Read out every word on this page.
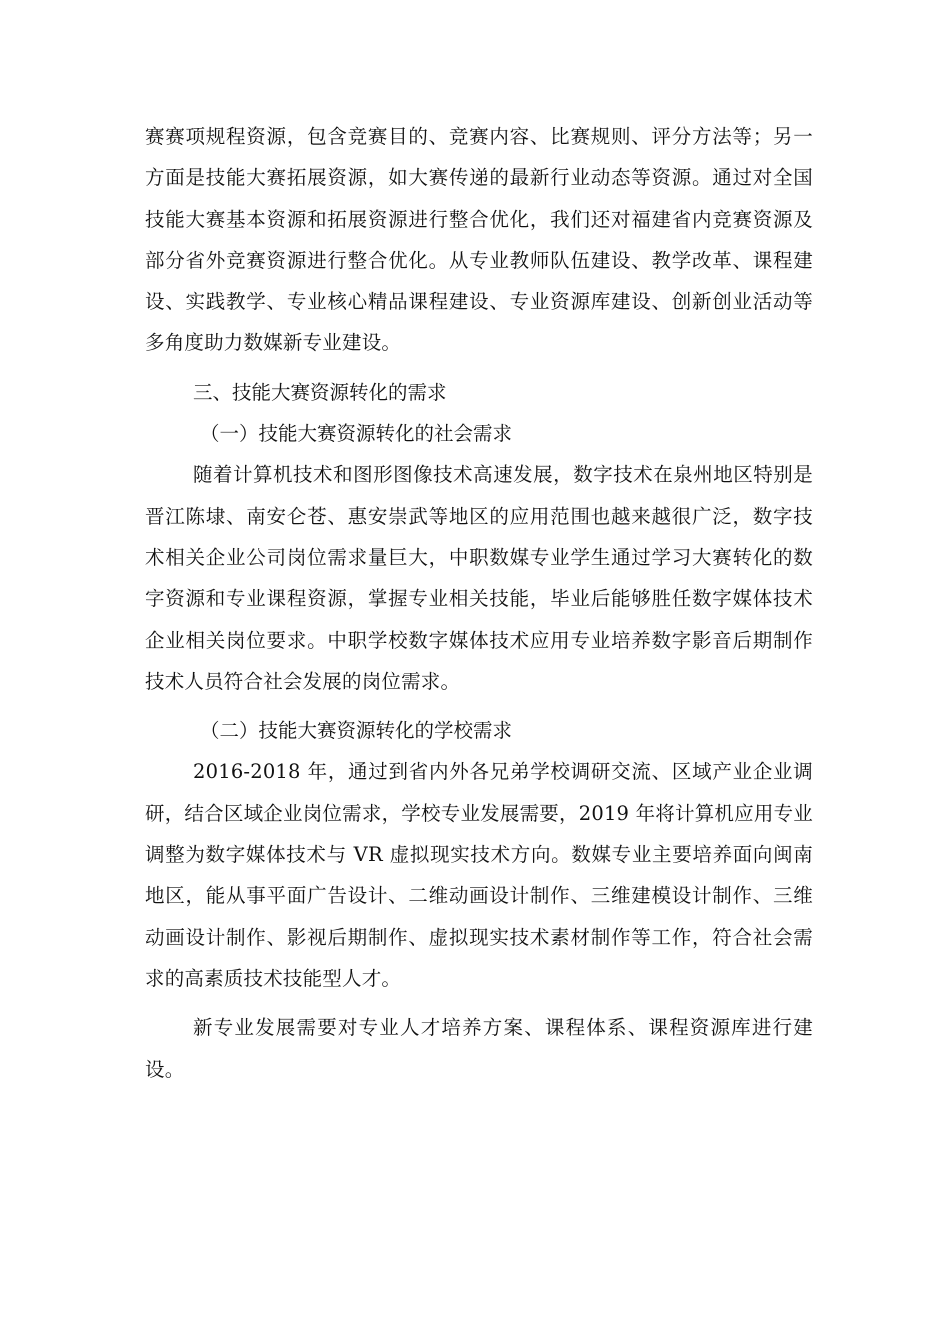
赛赛项规程资源，包含竞赛目的、竞赛内容、比赛规则、评分方法等；另一方面是技能大赛拓展资源，如大赛传递的最新行业动态等资源。通过对全国技能大赛基本资源和拓展资源进行整合优化，我们还对福建省内竞赛资源及部分省外竞赛资源进行整合优化。从专业教师队伍建设、教学改革、课程建设、实践教学、专业核心精品课程建设、专业资源库建设、创新创业活动等多角度助力数媒新专业建设。

三、技能大赛资源转化的需求

（一）技能大赛资源转化的社会需求

随着计算机技术和图形图像技术高速发展，数字技术在泉州地区特别是晋江陈埭、南安仑苍、惠安崇武等地区的应用范围也越来越很广泛，数字技术相关企业公司岗位需求量巨大，中职数媒专业学生通过学习大赛转化的数字资源和专业课程资源，掌握专业相关技能，毕业后能够胜任数字媒体技术企业相关岗位要求。中职学校数字媒体技术应用专业培养数字影音后期制作技术人员符合社会发展的岗位需求。

（二）技能大赛资源转化的学校需求

2016-2018 年，通过到省内外各兄弟学校调研交流、区域产业企业调研，结合区域企业岗位需求，学校专业发展需要，2019 年将计算机应用专业调整为数字媒体技术与 VR 虚拟现实技术方向。数媒专业主要培养面向闽南地区，能从事平面广告设计、二维动画设计制作、三维建模设计制作、三维动画设计制作、影视后期制作、虚拟现实技术素材制作等工作，符合社会需求的高素质技术技能型人才。

新专业发展需要对专业人才培养方案、课程体系、课程资源库进行建设。
